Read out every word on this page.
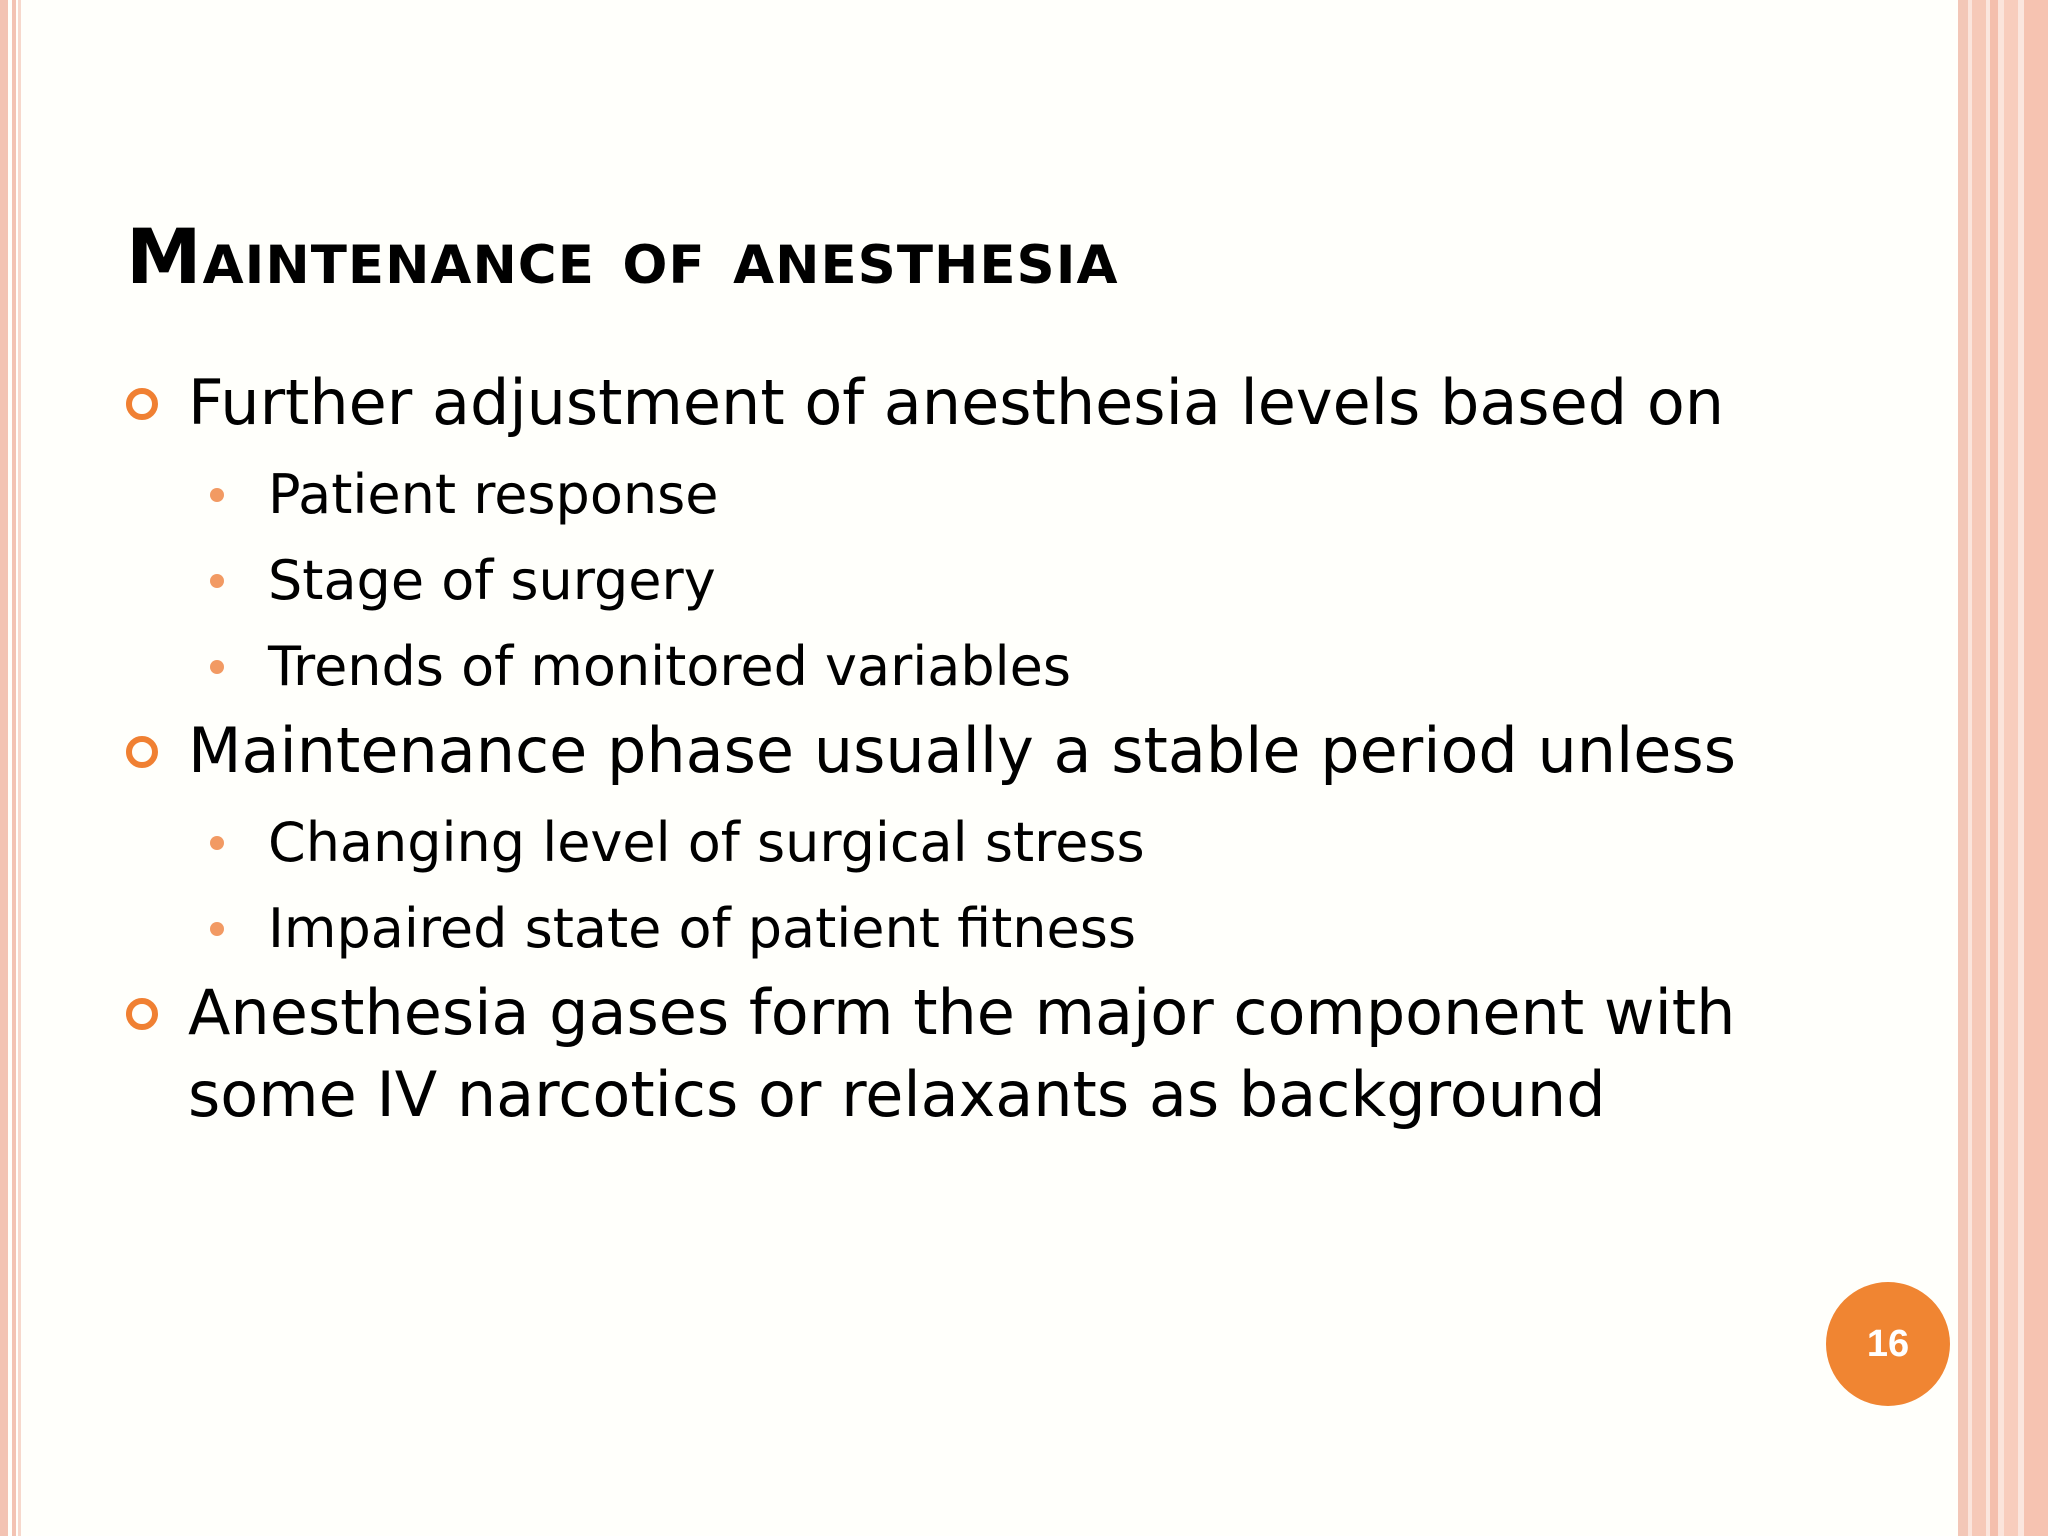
Maintenance of anesthesia

Further adjustment of anesthesia levels based on

Patient response

Stage of surgery

Trends of monitored variables

Maintenance phase usually a stable period unless

Changing level of surgical stress

Impaired state of patient fitness

Anesthesia gases form the major component with some IV narcotics or relaxants as background

16
